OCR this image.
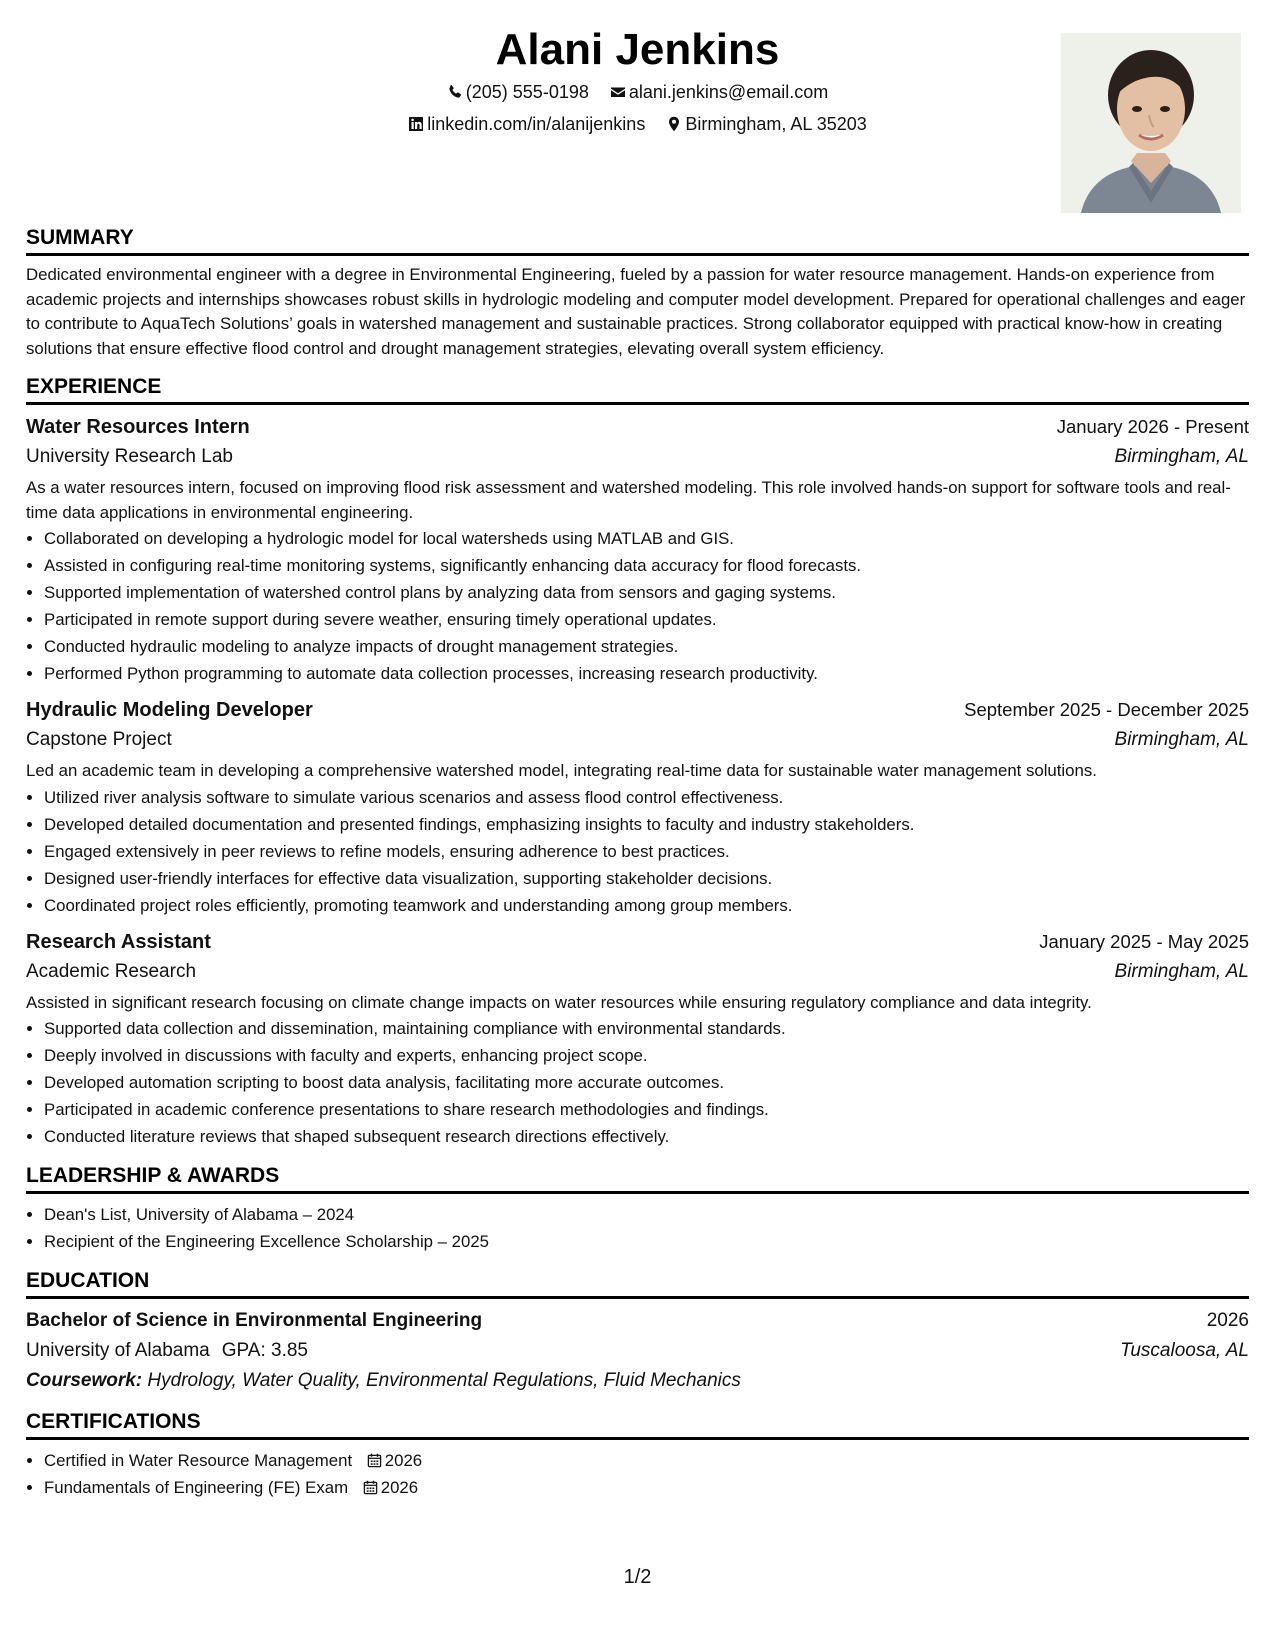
Alani Jenkins
(205) 555-0198 alani.jenkins@email.com
linkedin.com/in/alanijenkins Birmingham, AL 35203
SUMMARY

Dedicated environmental engineer with a degree in Environmental Engineering, fueled by a passion for water resource management. Hands-on experience from academic projects and internships showcases robust skills in hydrologic modeling and computer model development. Prepared for operational challenges and eager to contribute to AquaTech Solutions’ goals in watershed management and sustainable practices. Strong collaborator equipped with practical know-how in creating solutions that ensure effective flood control and drought management strategies, elevating overall system efficiency.

EXPERIENCE
Water Resources Intern	January 2026 - Present
University Research Lab	Birmingham, AL

As a water resources intern, focused on improving flood risk assessment and watershed modeling. This role involved hands-on support for software tools and real-time data applications in environmental engineering.

• Collaborated on developing a hydrologic model for local watersheds using MATLAB and GIS.
• Assisted in configuring real-time monitoring systems, significantly enhancing data accuracy for flood forecasts.
• Supported implementation of watershed control plans by analyzing data from sensors and gaging systems.
• Participated in remote support during severe weather, ensuring timely operational updates.
• Conducted hydraulic modeling to analyze impacts of drought management strategies.
• Performed Python programming to automate data collection processes, increasing research productivity.
Hydraulic Modeling Developer	September 2025 - December 2025
Capstone Project	Birmingham, AL

Led an academic team in developing a comprehensive watershed model, integrating real-time data for sustainable water management solutions.

• Utilized river analysis software to simulate various scenarios and assess flood control effectiveness.
• Developed detailed documentation and presented findings, emphasizing insights to faculty and industry stakeholders.
• Engaged extensively in peer reviews to refine models, ensuring adherence to best practices.
• Designed user-friendly interfaces for effective data visualization, supporting stakeholder decisions.
• Coordinated project roles efficiently, promoting teamwork and understanding among group members.
Research Assistant	January 2025 - May 2025
Academic Research	Birmingham, AL

Assisted in significant research focusing on climate change impacts on water resources while ensuring regulatory compliance and data integrity.

• Supported data collection and dissemination, maintaining compliance with environmental standards.
• Deeply involved in discussions with faculty and experts, enhancing project scope.
• Developed automation scripting to boost data analysis, facilitating more accurate outcomes.
• Participated in academic conference presentations to share research methodologies and findings.
• Conducted literature reviews that shaped subsequent research directions effectively.
LEADERSHIP & AWARDS
• Dean's List, University of Alabama – 2024
• Recipient of the Engineering Excellence Scholarship – 2025
EDUCATION
Bachelor of Science in Environmental Engineering	2026
University of Alabama GPA: 3.85	Tuscaloosa, AL
Coursework: Hydrology, Water Quality, Environmental Regulations, Fluid Mechanics
CERTIFICATIONS
• Certified in Water Resource Management 2026
• Fundamentals of Engineering (FE) Exam 2026
1/2
